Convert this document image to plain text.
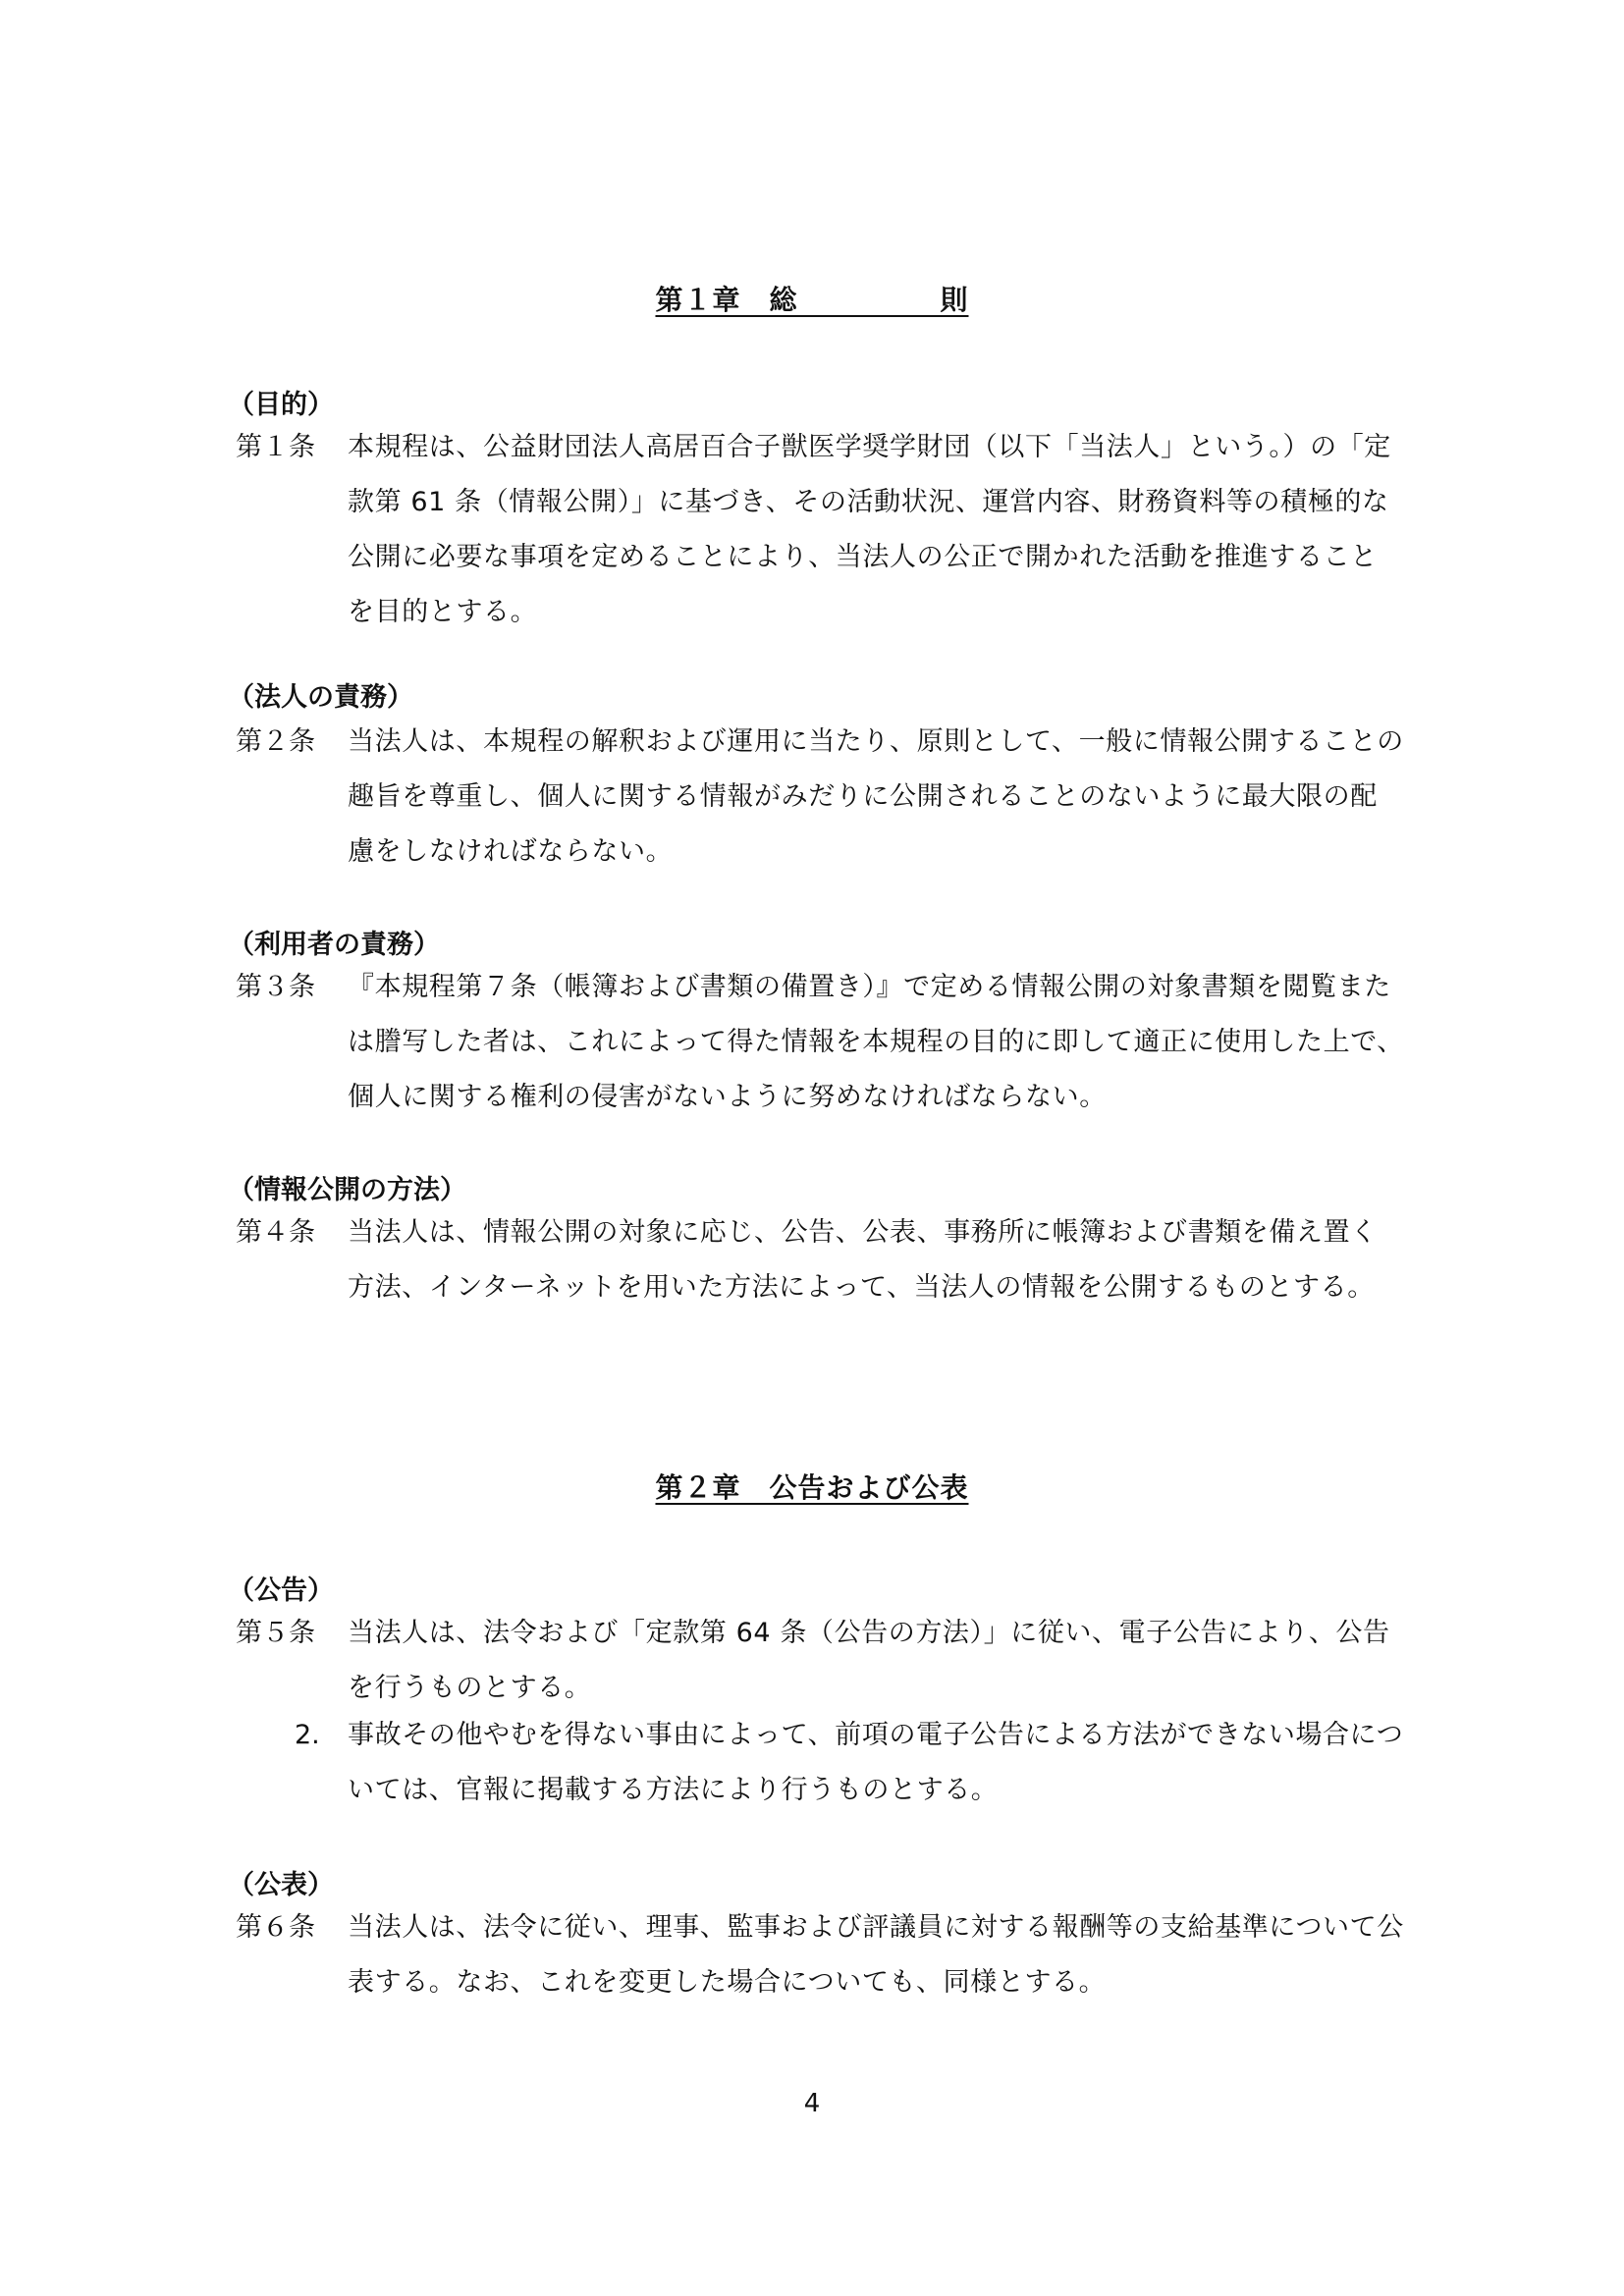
第１章　総　　　　　則
（目的）
第１条 本規程は、公益財団法人高居百合子獣医学奨学財団（以下「当法人」という。）の「定款第 61 条（情報公開）」に基づき、その活動状況、運営内容、財務資料等の積極的な公開に必要な事項を定めることにより、当法人の公正で開かれた活動を推進することを目的とする。
（法人の責務）
第２条 当法人は、本規程の解釈および運用に当たり、原則として、一般に情報公開することの趣旨を尊重し、個人に関する情報がみだりに公開されることのないように最大限の配慮をしなければならない。
（利用者の責務）
第３条 『本規程第７条（帳簿および書類の備置き）』で定める情報公開の対象書類を閲覧または謄写した者は、これによって得た情報を本規程の目的に即して適正に使用した上で、個人に関する権利の侵害がないように努めなければならない。
（情報公開の方法）
第４条 当法人は、情報公開の対象に応じ、公告、公表、事務所に帳簿および書類を備え置く方法、インターネットを用いた方法によって、当法人の情報を公開するものとする。
第２章　公告および公表
（公告）
第５条 当法人は、法令および「定款第 64 条（公告の方法）」に従い、電子公告により、公告を行うものとする。
2. 事故その他やむを得ない事由によって、前項の電子公告による方法ができない場合については、官報に掲載する方法により行うものとする。
（公表）
第６条 当法人は、法令に従い、理事、監事および評議員に対する報酬等の支給基準について公表する。なお、これを変更した場合についても、同様とする。
4
